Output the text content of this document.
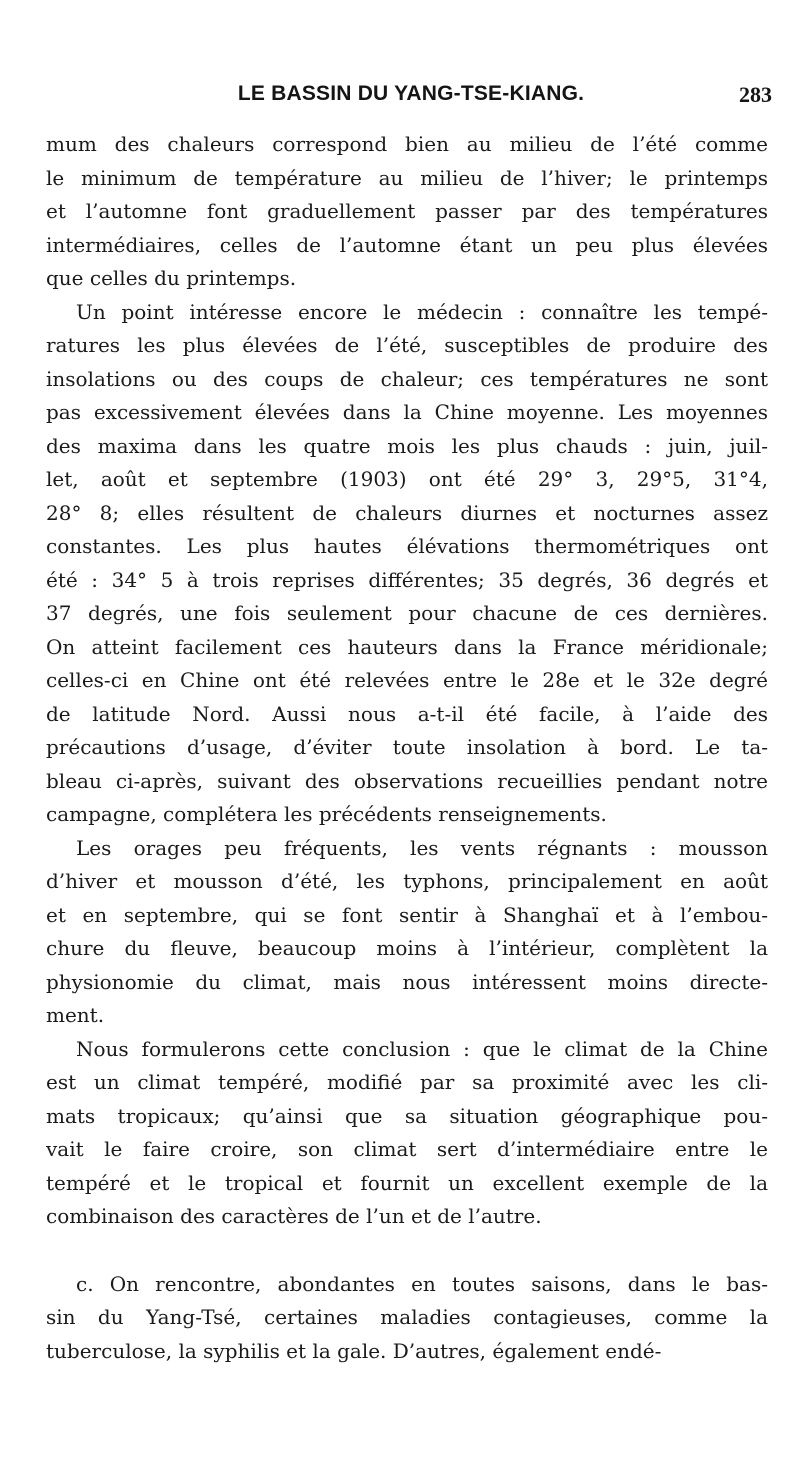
LE BASSIN DU YANG-TSE-KIANG.	283
mum des chaleurs correspond bien au milieu de l’été comme
le minimum de température au milieu de l’hiver; le printemps
et l’automne font graduellement passer par des températures
intermédiaires, celles de l’automne étant un peu plus élevées
que celles du printemps.
Un point intéresse encore le médecin : connaître les tempé-
ratures les plus élevées de l’été, susceptibles de produire des
insolations ou des coups de chaleur; ces températures ne sont
pas excessivement élevées dans la Chine moyenne. Les moyennes
des maxima dans les quatre mois les plus chauds : juin, juil-
let, août et septembre (1903) ont été 29° 3, 29°5, 31°4,
28° 8; elles résultent de chaleurs diurnes et nocturnes assez
constantes. Les plus hautes élévations thermométriques ont
été : 34° 5 à trois reprises différentes; 35 degrés, 36 degrés et
37 degrés, une fois seulement pour chacune de ces dernières.
On atteint facilement ces hauteurs dans la France méridionale;
celles-ci en Chine ont été relevées entre le 28e et le 32e degré
de latitude Nord. Aussi nous a-t-il été facile, à l’aide des
précautions d’usage, d’éviter toute insolation à bord. Le ta-
bleau ci-après, suivant des observations recueillies pendant notre
campagne, complétera les précédents renseignements.
Les orages peu fréquents, les vents régnants : mousson
d’hiver et mousson d’été, les typhons, principalement en août
et en septembre, qui se font sentir à Shanghaï et à l’embou-
chure du fleuve, beaucoup moins à l’intérieur, complètent la
physionomie du climat, mais nous intéressent moins directe-
ment.
Nous formulerons cette conclusion : que le climat de la Chine
est un climat tempéré, modifié par sa proximité avec les cli-
mats tropicaux; qu’ainsi que sa situation géographique pou-
vait le faire croire, son climat sert d’intermédiaire entre le
tempéré et le tropical et fournit un excellent exemple de la
combinaison des caractères de l’un et de l’autre.
c. On rencontre, abondantes en toutes saisons, dans le bas-
sin du Yang-Tsé, certaines maladies contagieuses, comme la
tuberculose, la syphilis et la gale. D’autres, également endé-
